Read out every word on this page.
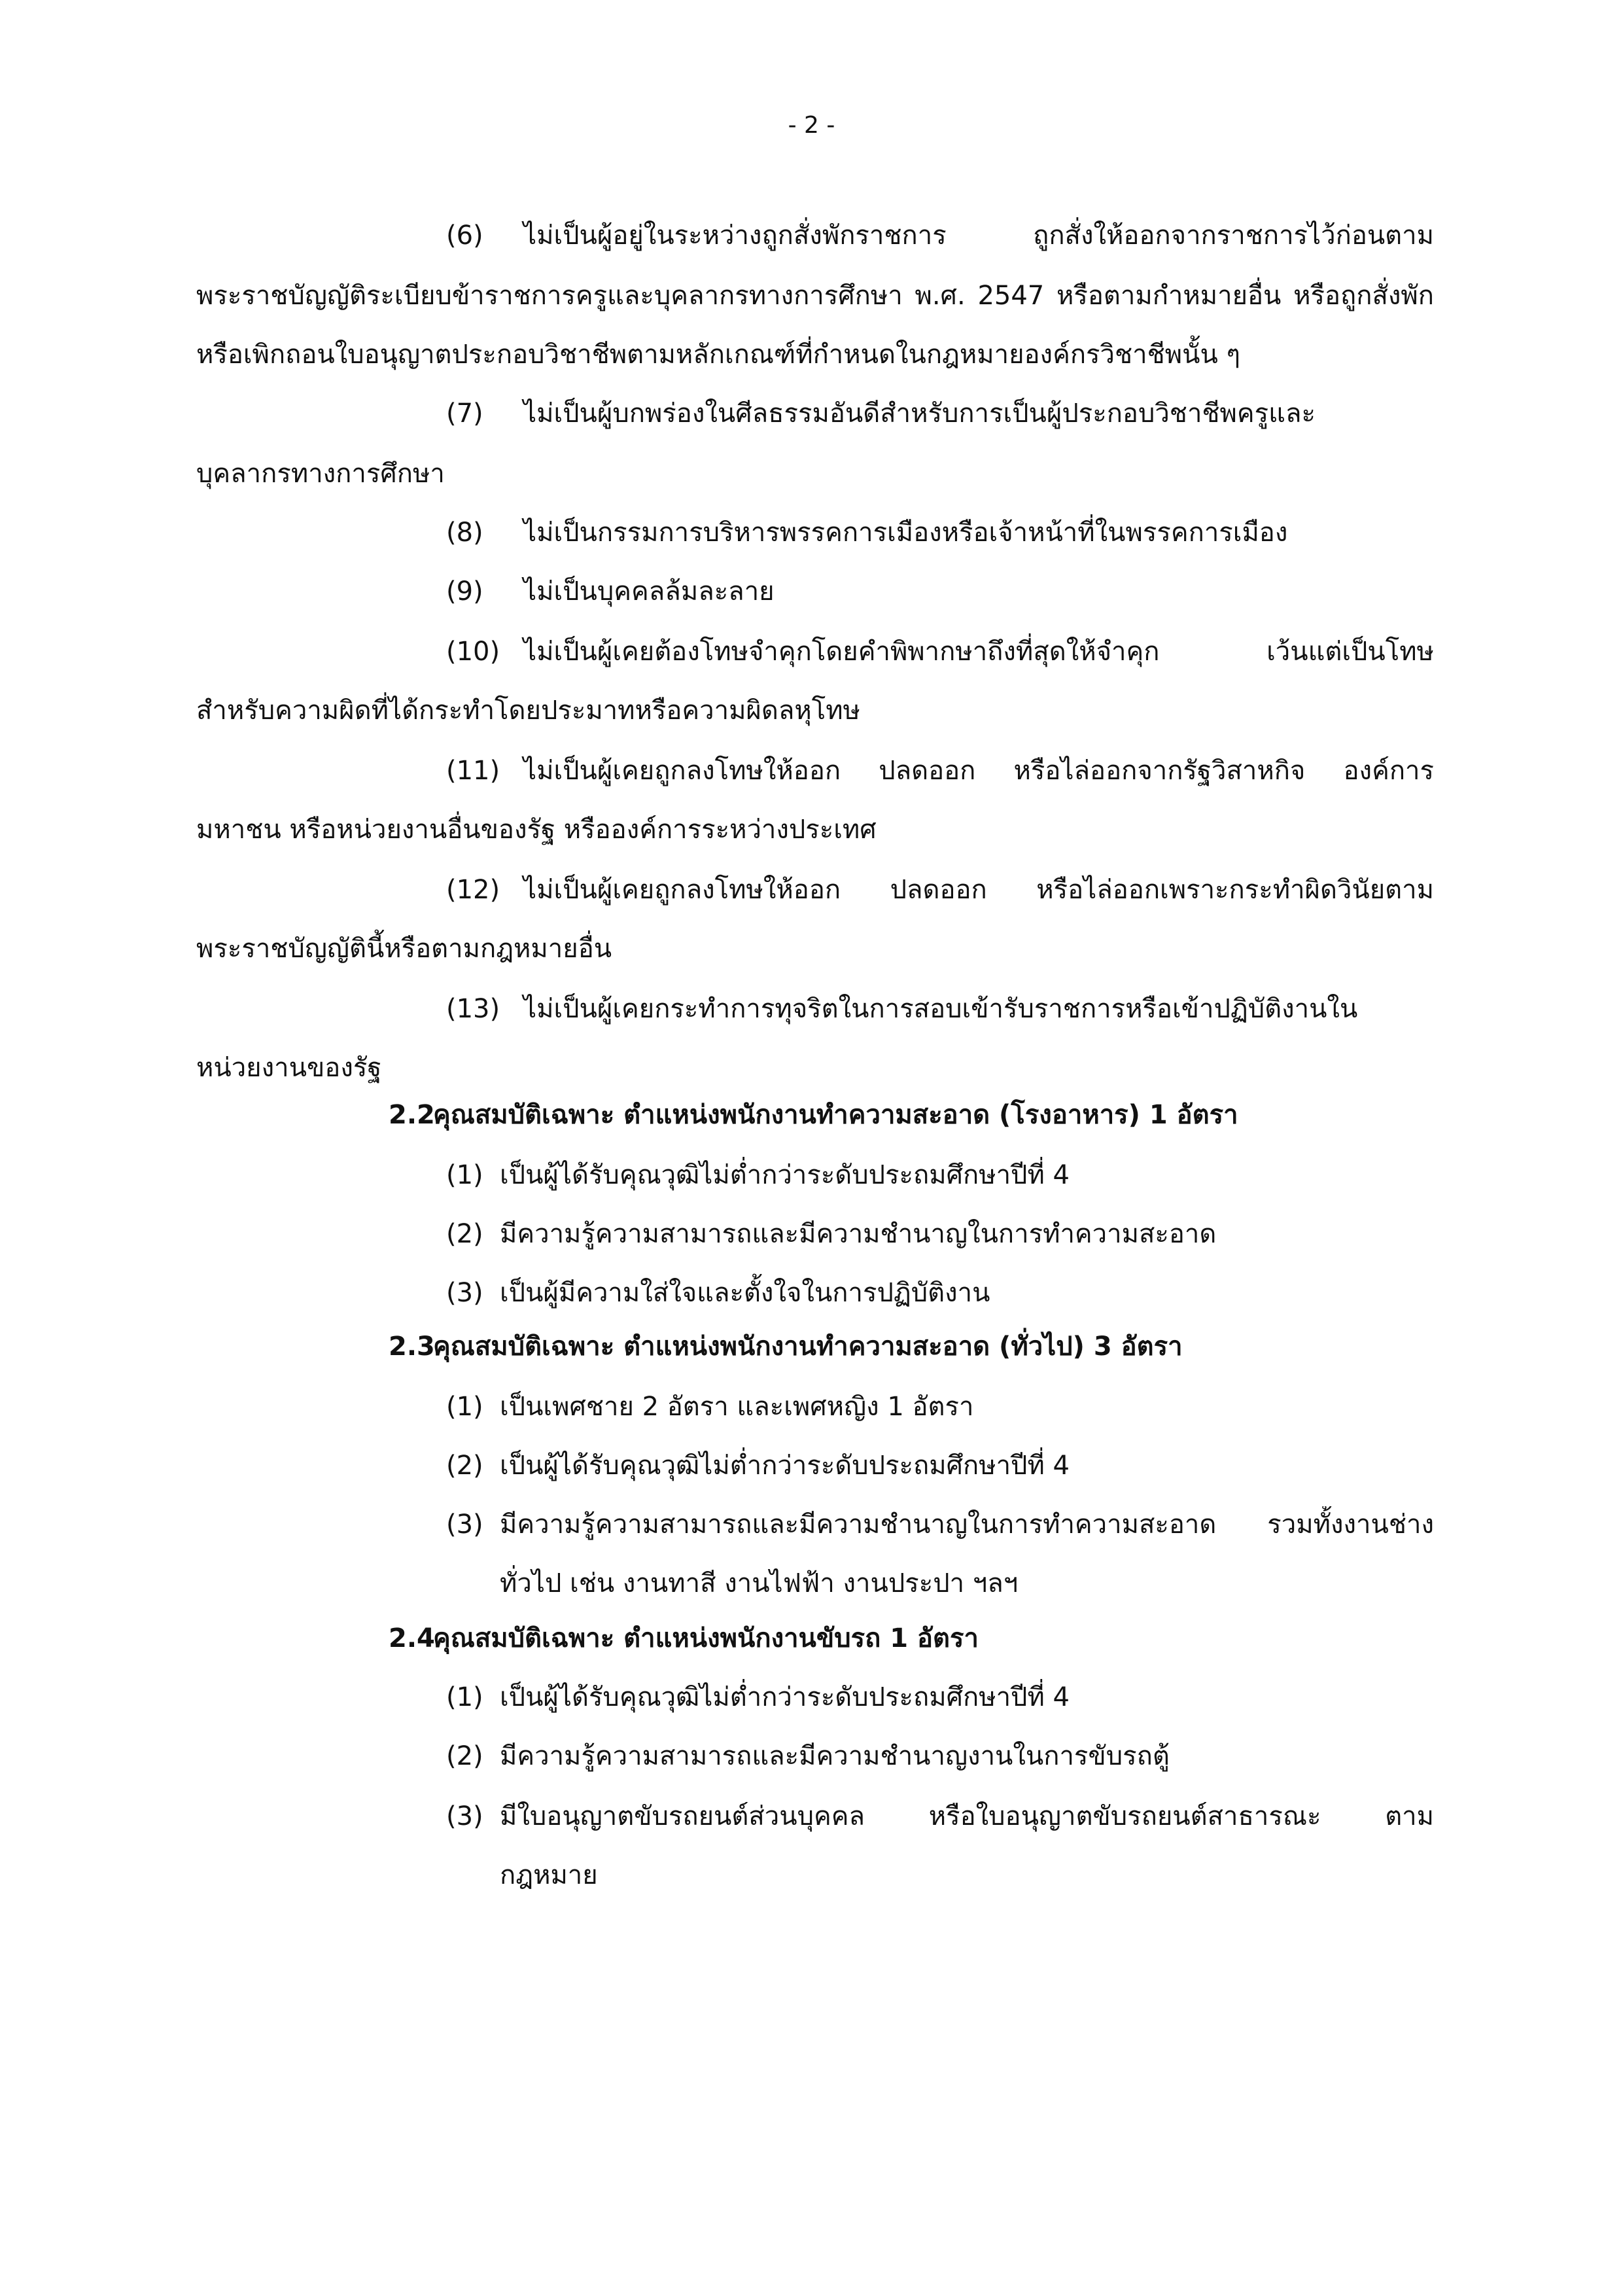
- 2 -
(6) ไม่เป็นผู้อยู่ในระหว่างถูกสั่งพักราชการ ถูกสั่งให้ออกจากราชการไว้ก่อนตาม
พระราชบัญญัติระเบียบข้าราชการครูและบุคลากรทางการศึกษา พ.ศ. 2547 หรือตามกำหมายอื่น หรือถูกสั่งพัก
หรือเพิกถอนใบอนุญาตประกอบวิชาชีพตามหลักเกณฑ์ที่กำหนดในกฎหมายองค์กรวิชาชีพนั้น ๆ
(7) ไม่เป็นผู้บกพร่องในศีลธรรมอันดีสำหรับการเป็นผู้ประกอบวิชาชีพครูและ
บุคลากรทางการศึกษา
(8) ไม่เป็นกรรมการบริหารพรรคการเมืองหรือเจ้าหน้าที่ในพรรคการเมือง
(9) ไม่เป็นบุคคลล้มละลาย
(10) ไม่เป็นผู้เคยต้องโทษจำคุกโดยคำพิพากษาถึงที่สุดให้จำคุก เว้นแต่เป็นโทษ
สำหรับความผิดที่ได้กระทำโดยประมาทหรือความผิดลหุโทษ
(11) ไม่เป็นผู้เคยถูกลงโทษให้ออก ปลดออก หรือไล่ออกจากรัฐวิสาหกิจ องค์การ
มหาชน หรือหน่วยงานอื่นของรัฐ หรือองค์การระหว่างประเทศ
(12) ไม่เป็นผู้เคยถูกลงโทษให้ออก ปลดออก หรือไล่ออกเพราะกระทำผิดวินัยตาม
พระราชบัญญัตินี้หรือตามกฎหมายอื่น
(13) ไม่เป็นผู้เคยกระทำการทุจริตในการสอบเข้ารับราชการหรือเข้าปฏิบัติงานใน
หน่วยงานของรัฐ
2.2คุณสมบัติเฉพาะ ตำแหน่งพนักงานทำความสะอาด (โรงอาหาร) 1 อัตรา
(1) เป็นผู้ได้รับคุณวุฒิไม่ต่ำกว่าระดับประถมศึกษาปีที่ 4
(2) มีความรู้ความสามารถและมีความชำนาญในการทำความสะอาด
(3) เป็นผู้มีความใส่ใจและตั้งใจในการปฏิบัติงาน
2.3คุณสมบัติเฉพาะ ตำแหน่งพนักงานทำความสะอาด (ทั่วไป) 3 อัตรา
(1) เป็นเพศชาย 2 อัตรา และเพศหญิง 1 อัตรา
(2) เป็นผู้ได้รับคุณวุฒิไม่ต่ำกว่าระดับประถมศึกษาปีที่ 4
(3) มีความรู้ความสามารถและมีความชำนาญในการทำความสะอาด รวมทั้งงานช่าง
ทั่วไป เช่น งานทาสี งานไฟฟ้า งานประปา ฯลฯ
2.4คุณสมบัติเฉพาะ ตำแหน่งพนักงานขับรถ 1 อัตรา
(1) เป็นผู้ได้รับคุณวุฒิไม่ต่ำกว่าระดับประถมศึกษาปีที่ 4
(2) มีความรู้ความสามารถและมีความชำนาญงานในการขับรถตู้
(3) มีใบอนุญาตขับรถยนต์ส่วนบุคคล หรือใบอนุญาตขับรถยนต์สาธารณะ ตาม
กฎหมาย
